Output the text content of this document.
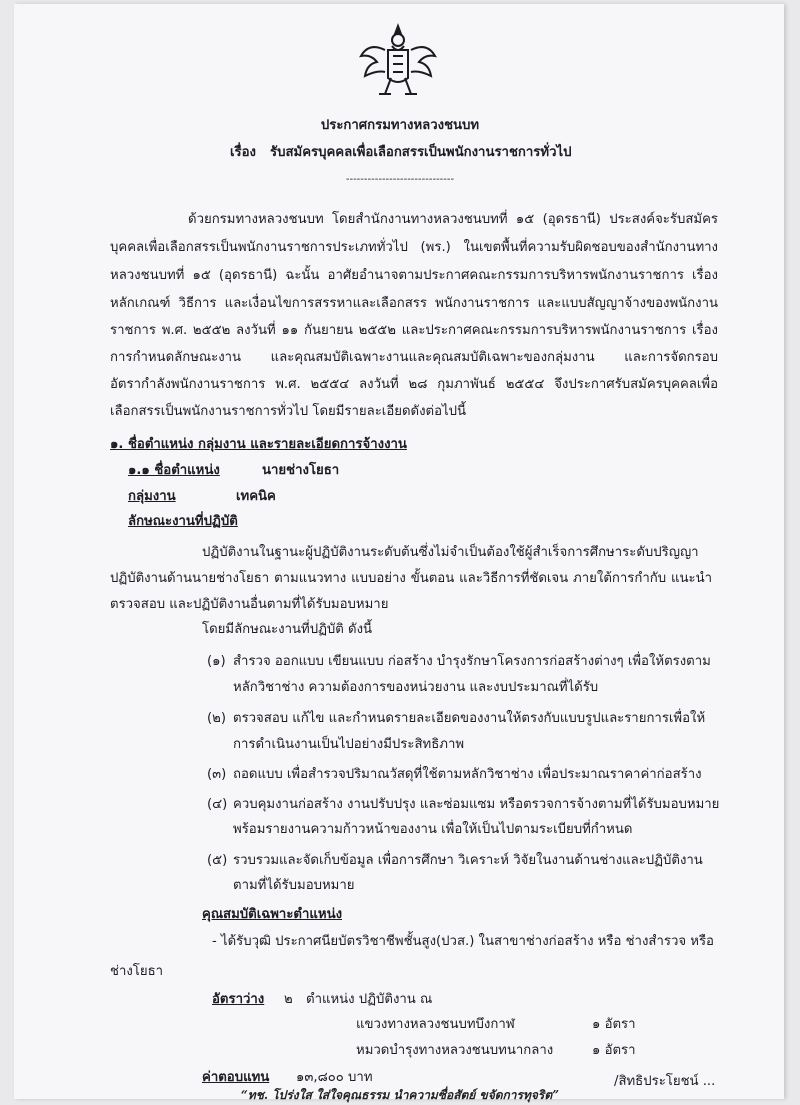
ประกาศกรมทางหลวงชนบท
เรื่อง รับสมัครบุคคลเพื่อเลือกสรรเป็นพนักงานราชการทั่วไป
------------------------------
ด้วยกรมทางหลวงชนบท โดยสำนักงานทางหลวงชนบทที่ ๑๕ (อุดรธานี) ประสงค์จะรับสมัคร
บุคคลเพื่อเลือกสรรเป็นพนักงานราชการประเภททั่วไป (พร.) ในเขตพื้นที่ความรับผิดชอบของสำนักงานทาง
หลวงชนบทที่ ๑๕ (อุดรธานี) ฉะนั้น อาศัยอำนาจตามประกาศคณะกรรมการบริหารพนักงานราชการ เรื่อง
หลักเกณฑ์ วิธีการ และเงื่อนไขการสรรหาและเลือกสรร พนักงานราชการ และแบบสัญญาจ้างของพนักงาน
ราชการ พ.ศ. ๒๕๕๒ ลงวันที่ ๑๑ กันยายน ๒๕๕๒ และประกาศคณะกรรมการบริหารพนักงานราชการ เรื่อง
การกำหนดลักษณะงาน และคุณสมบัติเฉพาะงานและคุณสมบัติเฉพาะของกลุ่มงาน และการจัดกรอบ
อัตรากำลังพนักงานราชการ พ.ศ. ๒๕๕๔ ลงวันที่ ๒๘ กุมภาพันธ์ ๒๕๕๔ จึงประกาศรับสมัครบุคคลเพื่อ
เลือกสรรเป็นพนักงานราชการทั่วไป โดยมีรายละเอียดดังต่อไปนี้
๑. ชื่อตำแหน่ง กลุ่มงาน และรายละเอียดการจ้างงาน
๑.๑ ชื่อตำแหน่ง	นายช่างโยธา
กลุ่มงาน	เทคนิค
ลักษณะงานที่ปฏิบัติ
ปฏิบัติงานในฐานะผู้ปฏิบัติงานระดับต้นซึ่งไม่จำเป็นต้องใช้ผู้สำเร็จการศึกษาระดับปริญญา
ปฏิบัติงานด้านนายช่างโยธา ตามแนวทาง แบบอย่าง ขั้นตอน และวิธีการที่ชัดเจน ภายใต้การกำกับ แนะนำ
ตรวจสอบ และปฏิบัติงานอื่นตามที่ได้รับมอบหมาย
โดยมีลักษณะงานที่ปฏิบัติ ดังนี้
(๑) สำรวจ ออกแบบ เขียนแบบ ก่อสร้าง บำรุงรักษาโครงการก่อสร้างต่างๆ เพื่อให้ตรงตาม
หลักวิชาช่าง ความต้องการของหน่วยงาน และงบประมาณที่ได้รับ
(๒) ตรวจสอบ แก้ไข และกำหนดรายละเอียดของงานให้ตรงกับแบบรูปและรายการเพื่อให้
การดำเนินงานเป็นไปอย่างมีประสิทธิภาพ
(๓) ถอดแบบ เพื่อสำรวจปริมาณวัสดุที่ใช้ตามหลักวิชาช่าง เพื่อประมาณราคาค่าก่อสร้าง
(๔) ควบคุมงานก่อสร้าง งานปรับปรุง และซ่อมแซม หรือตรวจการจ้างตามที่ได้รับมอบหมาย
พร้อมรายงานความก้าวหน้าของงาน เพื่อให้เป็นไปตามระเบียบที่กำหนด
(๕) รวบรวมและจัดเก็บข้อมูล เพื่อการศึกษา วิเคราะห์ วิจัยในงานด้านช่างและปฏิบัติงาน
ตามที่ได้รับมอบหมาย
คุณสมบัติเฉพาะตำแหน่ง
- ได้รับวุฒิ ประกาศนียบัตรวิชาชีพชั้นสูง(ปวส.) ในสาขาช่างก่อสร้าง หรือ ช่างสำรวจ หรือ
ช่างโยธา
อัตราว่าง ๒ ตำแหน่ง ปฏิบัติงาน ณ
แขวงทางหลวงชนบทบึงกาฬ	๑ อัตรา
หมวดบำรุงทางหลวงชนบทนากลาง	๑ อัตรา
ค่าตอบแทน ๑๓,๘๐๐ บาท	/สิทธิประโยชน์ ...
“ทช. โปร่งใส ใส่ใจคุณธรรม นำความซื่อสัตย์ ขจัดการทุจริต”
